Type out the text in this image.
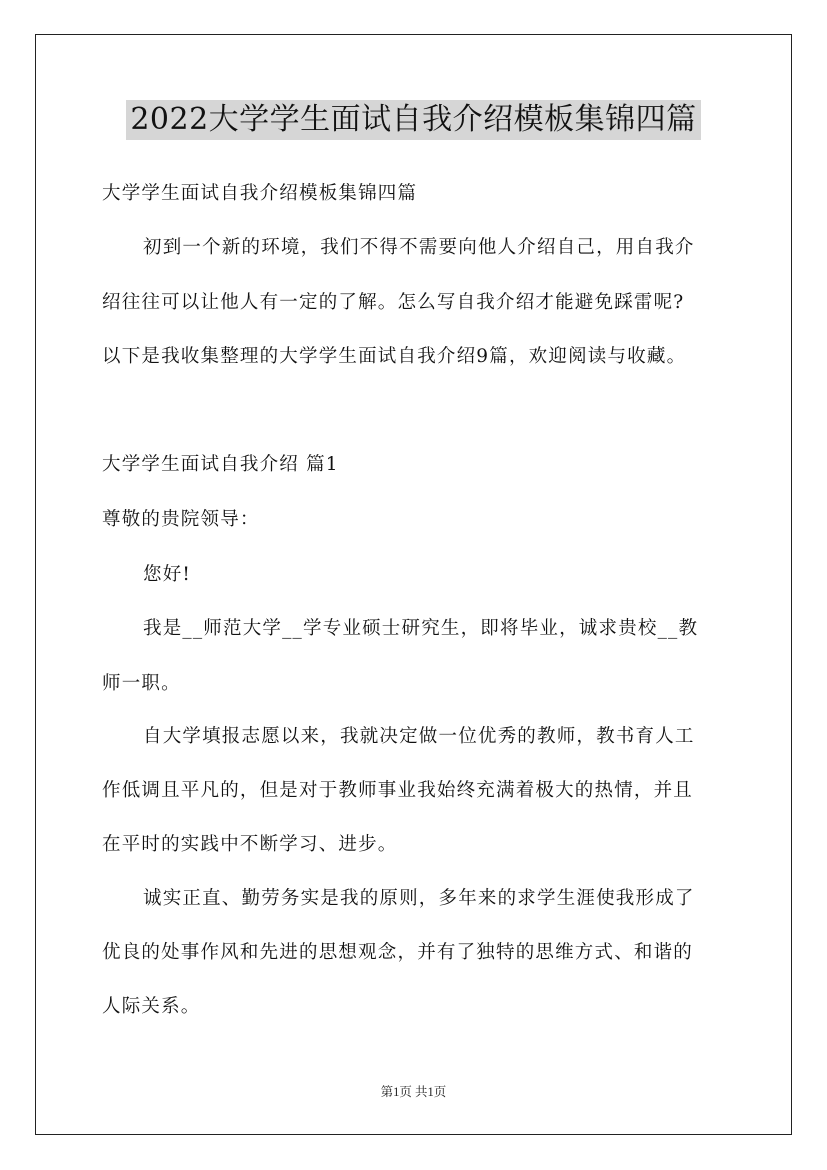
2022大学学生面试自我介绍模板集锦四篇
大学学生面试自我介绍模板集锦四篇
初到一个新的环境，我们不得不需要向他人介绍自己，用自我介
绍往往可以让他人有一定的了解。怎么写自我介绍才能避免踩雷呢?
以下是我收集整理的大学学生面试自我介绍9篇，欢迎阅读与收藏。
大学学生面试自我介绍 篇1
尊敬的贵院领导：
您好!
我是__师范大学__学专业硕士研究生，即将毕业，诚求贵校__教
师一职。
自大学填报志愿以来，我就决定做一位优秀的教师，教书育人工
作低调且平凡的，但是对于教师事业我始终充满着极大的热情，并且
在平时的实践中不断学习、进步。
诚实正直、勤劳务实是我的原则，多年来的求学生涯使我形成了
优良的处事作风和先进的思想观念，并有了独特的思维方式、和谐的
人际关系。
第1页 共1页
